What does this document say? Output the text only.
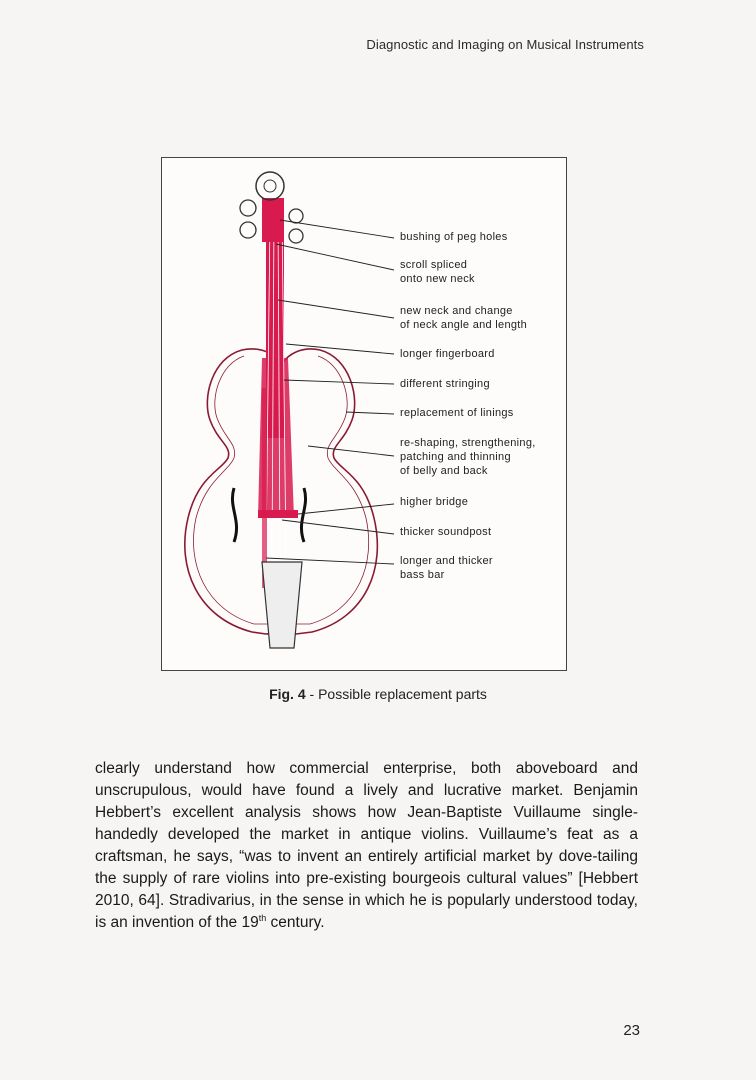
Diagnostic and Imaging on Musical Instruments
bushing of peg holes
scroll spliced
onto new neck
new neck and change
of neck angle and length
longer fingerboard
different stringing
replacement of linings
re-shaping, strengthening,
patching and thinning
of belly and back
higher bridge
thicker soundpost
longer and thicker
bass bar
Fig. 4 - Possible replacement parts
clearly understand how commercial enterprise, both aboveboard and unscrupulous, would have found a lively and lucrative market. Benjamin Hebbert’s excellent analysis shows how Jean-Baptiste Vuillaume single-handedly developed the market in antique violins. Vuillaume’s feat as a craftsman, he says, “was to invent an entirely artificial market by dove-tailing the supply of rare violins into pre-existing bourgeois cultural values” [Hebbert 2010, 64]. Stradivarius, in the sense in which he is popularly understood today, is an invention of the 19th century.
23
